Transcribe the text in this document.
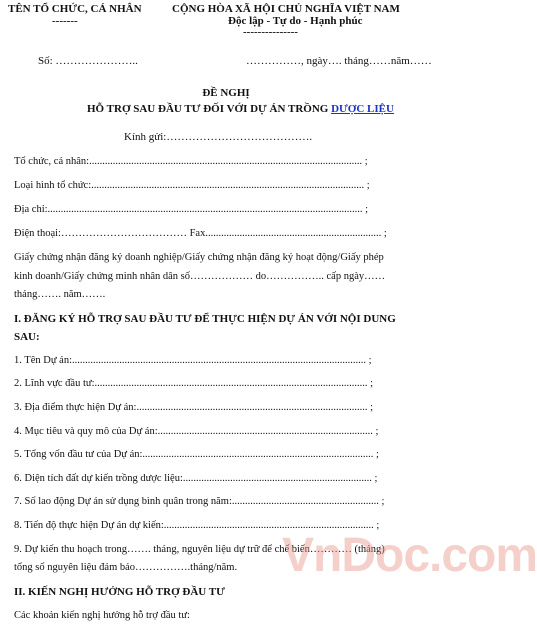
TÊN TỔ CHỨC, CÁ NHÂN
-------
CỘNG HÒA XÃ HỘI CHỦ NGHĨA VIỆT NAM
Độc lập - Tự do - Hạnh phúc
---------------
Số: …………………..	……………, ngày…. tháng……năm……
ĐỀ NGHỊ
HỖ TRỢ SAU ĐẦU TƯ ĐỐI VỚI DỰ ÁN TRỒNG DƯỢC LIỆU
Kính gửi:………………………………….
Tổ chức, cá nhân:........................................................................................................ ;
Loại hình tổ chức:........................................................................................................ ;
Địa chỉ:........................................................................................................................ ;
Điện thoại:……………………………… Fax................................................................... ;
Giấy chứng nhận đăng ký doanh nghiệp/Giấy chứng nhận đăng ký hoạt động/Giấy phép
kinh doanh/Giấy chứng minh nhân dân số……………… do…………….. cấp ngày……
tháng……. năm…….
I. ĐĂNG KÝ HỖ TRỢ SAU ĐẦU TƯ ĐỂ THỰC HIỆN DỰ ÁN VỚI NỘI DUNG
SAU:
1. Tên Dự án:................................................................................................................ ;
2. Lĩnh vực đầu tư:........................................................................................................ ;
3. Địa điểm thực hiện Dự án:........................................................................................ ;
4. Mục tiêu và quy mô của Dự án:.................................................................................. ;
5. Tổng vốn đầu tư của Dự án:........................................................................................ ;
6. Diện tích đất dự kiến trồng dược liệu:........................................................................ ;
7. Số lao động Dự án sử dụng bình quân trong năm:........................................................ ;
8. Tiến độ thực hiện Dự án dự kiến:................................................................................ ;
9. Dự kiến thu hoạch trong……. tháng, nguyên liệu dự trữ để chế biến………… (tháng)
tổng số nguyên liệu đảm bảo…………….tháng/năm.
II. KIẾN NGHỊ HƯỞNG HỖ TRỢ ĐẦU TƯ
Các khoản kiến nghị hưởng hỗ trợ đầu tư:
VnDoc.com
